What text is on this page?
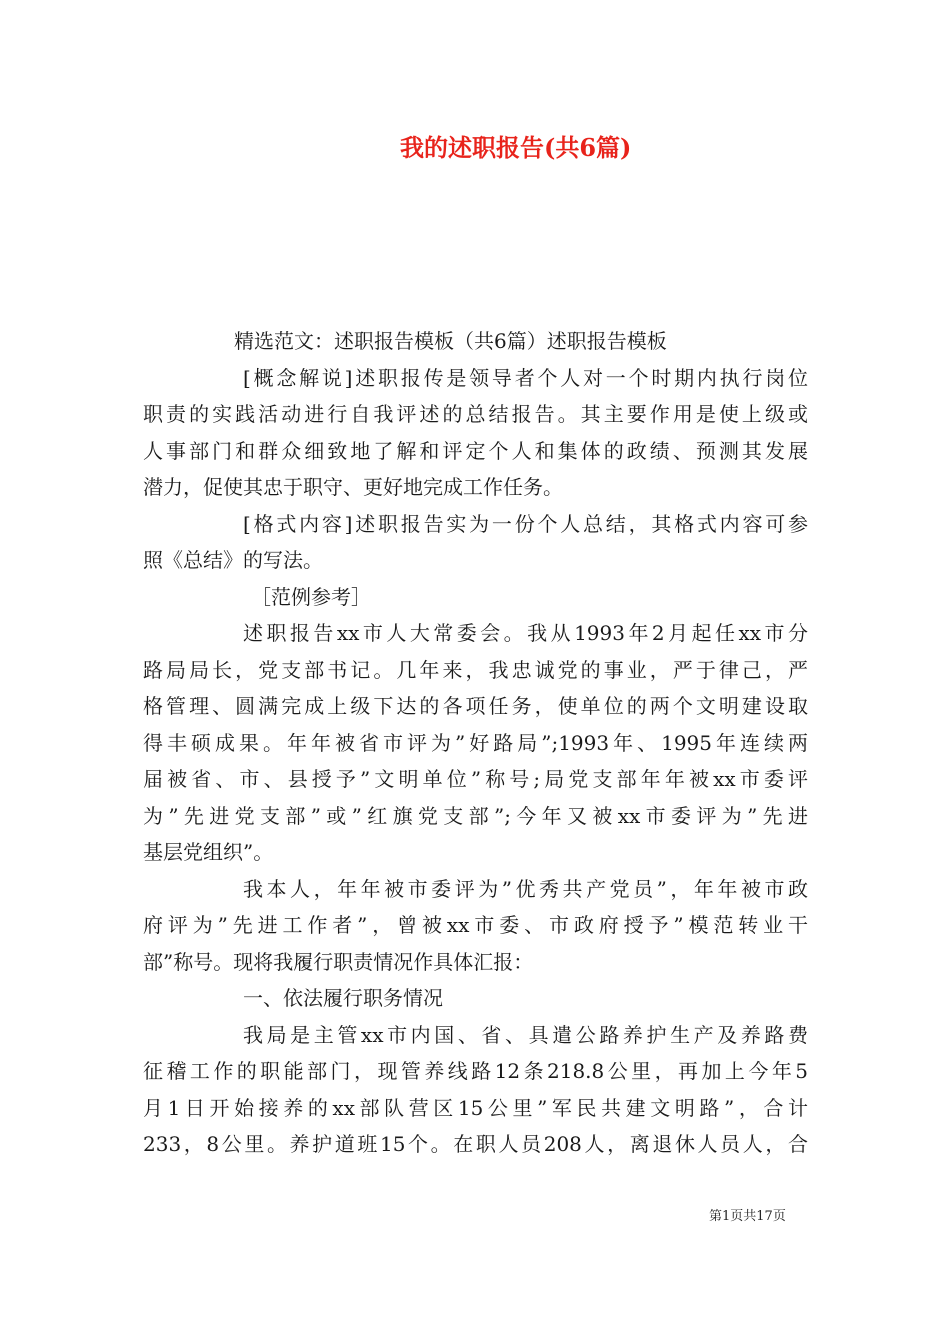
我的述职报告(共6篇)
精选范文：述职报告模板（共6篇）述职报告模板
[概念解说]述职报传是领导者个人对一个时期内执行岗位
职责的实践活动进行自我评述的总结报告。其主要作用是使上级或
人事部门和群众细致地了解和评定个人和集体的政绩、预测其发展
潜力，促使其忠于职守、更好地完成工作任务。
[格式内容]述职报告实为一份个人总结，其格式内容可参
照《总结》的写法。
［范例参考］
述职报告xx市人大常委会。我从1993年2月起任xx市分
路局局长，党支部书记。几年来，我忠诚党的事业，严于律己，严
格管理、圆满完成上级下达的各项任务，使单位的两个文明建设取
得丰硕成果。年年被省市评为”好路局”;1993年、1995年连续两
届被省、市、县授予”文明单位”称号;局党支部年年被xx市委评
为”先进党支部”或”红旗党支部”;今年又被xx市委评为”先进
基层党组织”。
我本人，年年被市委评为”优秀共产党员”，年年被市政
府评为”先进工作者”，曾被xx市委、市政府授予”模范转业干
部”称号。现将我履行职责情况作具体汇报：
一、依法履行职务情况
我局是主管xx市内国、省、具遣公路养护生产及养路费
征稽工作的职能部门，现管养线路12条218.8公里，再加上今年5
月1日开始接养的xx部队营区15公里”军民共建文明路”，合计
233，8公里。养护道班15个。在职人员208人，离退休人员人，合
第1页共17页
